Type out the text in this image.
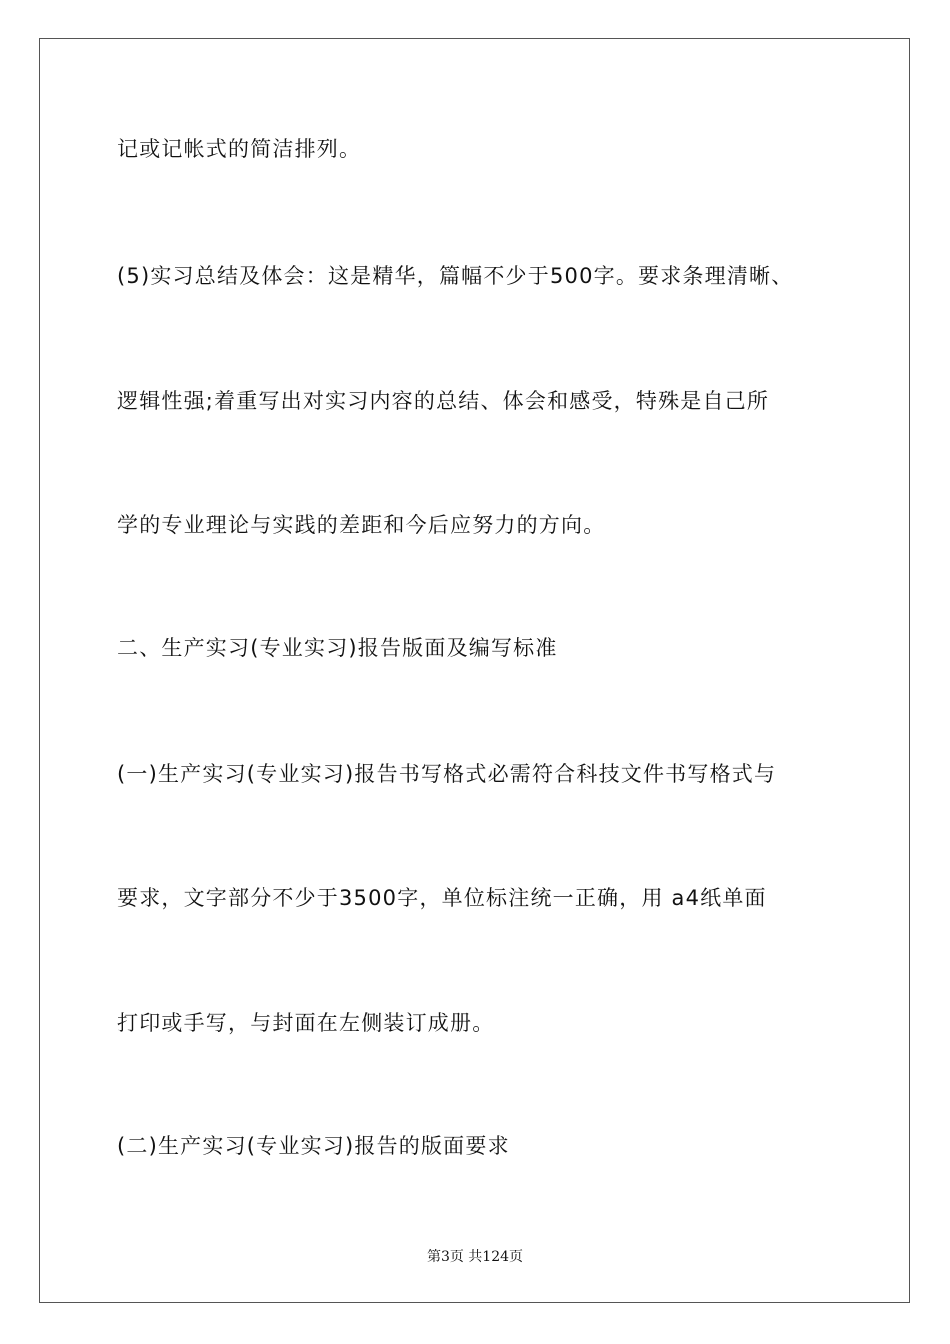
记或记帐式的简洁排列。
(5)实习总结及体会：这是精华，篇幅不少于500字。要求条理清晰、
逻辑性强;着重写出对实习内容的总结、体会和感受，特殊是自己所
学的专业理论与实践的差距和今后应努力的方向。
二、生产实习(专业实习)报告版面及编写标准
(一)生产实习(专业实习)报告书写格式必需符合科技文件书写格式与
要求，文字部分不少于3500字，单位标注统一正确，用 a4纸单面
打印或手写，与封面在左侧装订成册。
(二)生产实习(专业实习)报告的版面要求
第3页 共124页
